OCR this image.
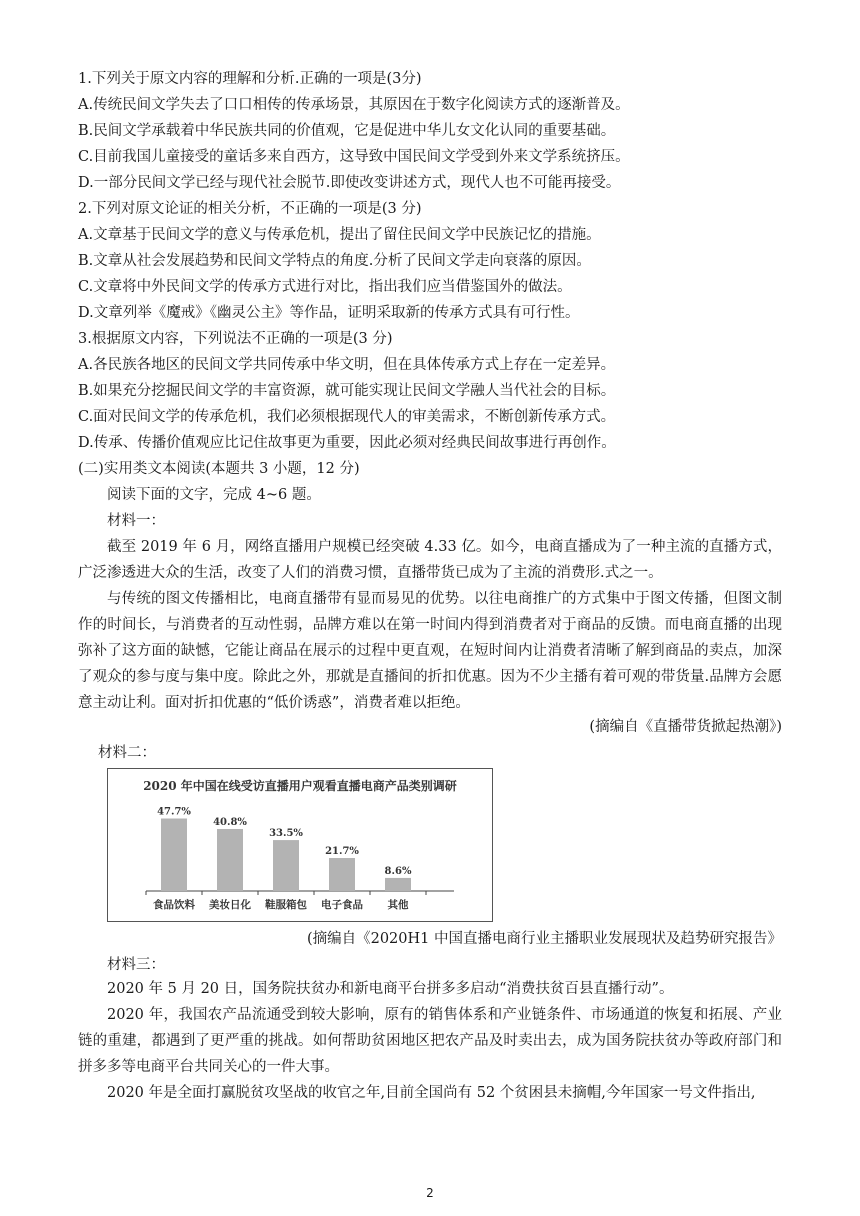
1.下列关于原文内容的理解和分析.正确的一项是(3分)
A.传统民间文学失去了口口相传的传承场景，其原因在于数字化阅读方式的逐渐普及。
B.民间文学承载着中华民族共同的价值观，它是促进中华儿女文化认同的重要基础。
C.目前我国儿童接受的童话多来自西方，这导致中国民间文学受到外来文学系统挤压。
D.一部分民间文学已经与现代社会脱节.即使改变讲述方式，现代人也不可能再接受。
2.下列对原文论证的相关分析，不正确的一项是(3 分)
A.文章基于民间文学的意义与传承危机，提出了留住民间文学中民族记忆的措施。
B.文章从社会发展趋势和民间文学特点的角度.分析了民间文学走向衰落的原因。
C.文章将中外民间文学的传承方式进行对比，指出我们应当借鉴国外的做法。
D.文章列举《魔戒》《幽灵公主》等作品，证明采取新的传承方式具有可行性。
3.根据原文内容，下列说法不正确的一项是(3 分)
A.各民族各地区的民间文学共同传承中华文明，但在具体传承方式上存在一定差异。
B.如果充分挖掘民间文学的丰富资源，就可能实现让民间文学融人当代社会的目标。
C.面对民间文学的传承危机，我们必须根据现代人的审美需求，不断创新传承方式。
D.传承、传播价值观应比记住故事更为重要，因此必须对经典民间故事进行再创作。
(二)实用类文本阅读(本题共 3 小题，12 分)
阅读下面的文字，完成 4~6 题。
材料一：
截至 2019 年 6 月，网络直播用户规模已经突破 4.33 亿。如今，电商直播成为了一种主流的直播方式，广泛渗透进大众的生活，改变了人们的消费习惯，直播带货已成为了主流的消费形.式之一。
与传统的图文传播相比，电商直播带有显而易见的优势。以往电商推广的方式集中于图文传播，但图文制作的时间长，与消费者的互动性弱，品牌方难以在第一时间内得到消费者对于商品的反馈。而电商直播的出现弥补了这方面的缺憾，它能让商品在展示的过程中更直观，在短时间内让消费者清晰了解到商品的卖点，加深了观众的参与度与集中度。除此之外，那就是直播间的折扣优惠。因为不少主播有着可观的带货量.品牌方会愿意主动让利。面对折扣优惠的“低价诱惑”，消费者难以拒绝。
(摘编自《直播带货掀起热潮》)
材料二：
2020 年中国在线受访直播用户观看直播电商产品类别调研
47.7%
食品饮料
40.8%
美妆日化
33.5%
鞋服箱包
21.7%
电子食品
8.6%
其他
(摘编自《2020H1 中国直播电商行业主播职业发展现状及趋势研究报告》
材料三：
2020 年 5 月 20 日，国务院扶贫办和新电商平台拼多多启动“消费扶贫百县直播行动”。
2020 年，我国农产品流通受到较大影响，原有的销售体系和产业链条件、市场通道的恢复和拓展、产业链的重建，都遇到了更严重的挑战。如何帮助贫困地区把农产品及时卖出去，成为国务院扶贫办等政府部门和拼多多等电商平台共同关心的一件大事。
2020 年是全面打赢脱贫攻坚战的收官之年,目前全国尚有 52 个贫困县未摘帽,今年国家一号文件指出,
2
